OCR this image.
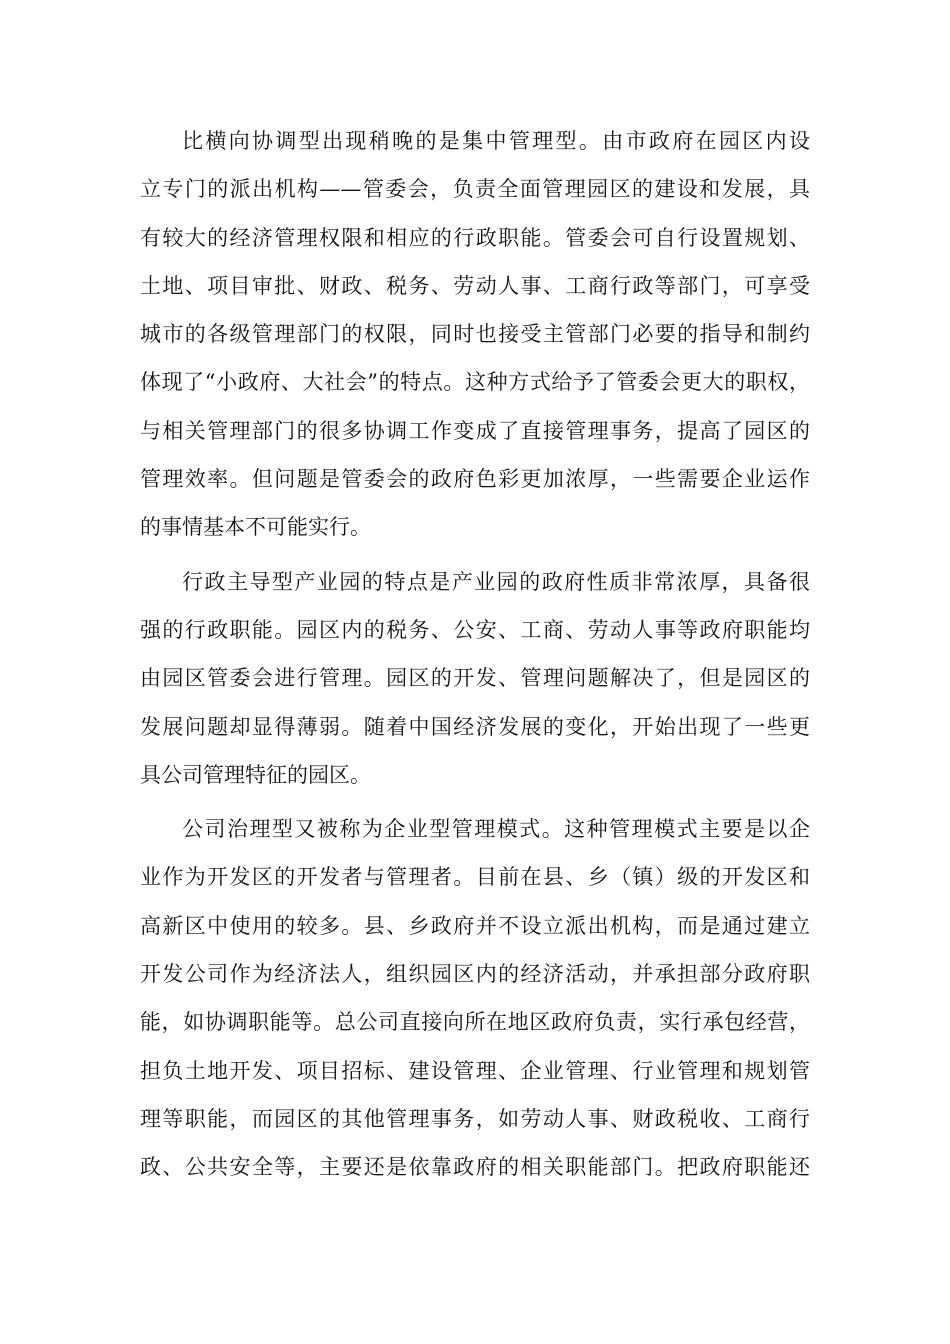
比横向协调型出现稍晚的是集中管理型。由市政府在园区内设
立专门的派出机构——管委会，负责全面管理园区的建设和发展，具
有较大的经济管理权限和相应的行政职能。管委会可自行设置规划、
土地、项目审批、财政、税务、劳动人事、工商行政等部门，可享受
城市的各级管理部门的权限，同时也接受主管部门必要的指导和制约
体现了“小政府、大社会”的特点。这种方式给予了管委会更大的职权，
与相关管理部门的很多协调工作变成了直接管理事务，提高了园区的
管理效率。但问题是管委会的政府色彩更加浓厚，一些需要企业运作
的事情基本不可能实行。
行政主导型产业园的特点是产业园的政府性质非常浓厚，具备很
强的行政职能。园区内的税务、公安、工商、劳动人事等政府职能均
由园区管委会进行管理。园区的开发、管理问题解决了，但是园区的
发展问题却显得薄弱。随着中国经济发展的变化，开始出现了一些更
具公司管理特征的园区。
公司治理型又被称为企业型管理模式。这种管理模式主要是以企
业作为开发区的开发者与管理者。目前在县、乡（镇）级的开发区和
高新区中使用的较多。县、乡政府并不设立派出机构，而是通过建立
开发公司作为经济法人，组织园区内的经济活动，并承担部分政府职
能，如协调职能等。总公司直接向所在地区政府负责，实行承包经营，
担负土地开发、项目招标、建设管理、企业管理、行业管理和规划管
理等职能，而园区的其他管理事务，如劳动人事、财政税收、工商行
政、公共安全等，主要还是依靠政府的相关职能部门。把政府职能还
